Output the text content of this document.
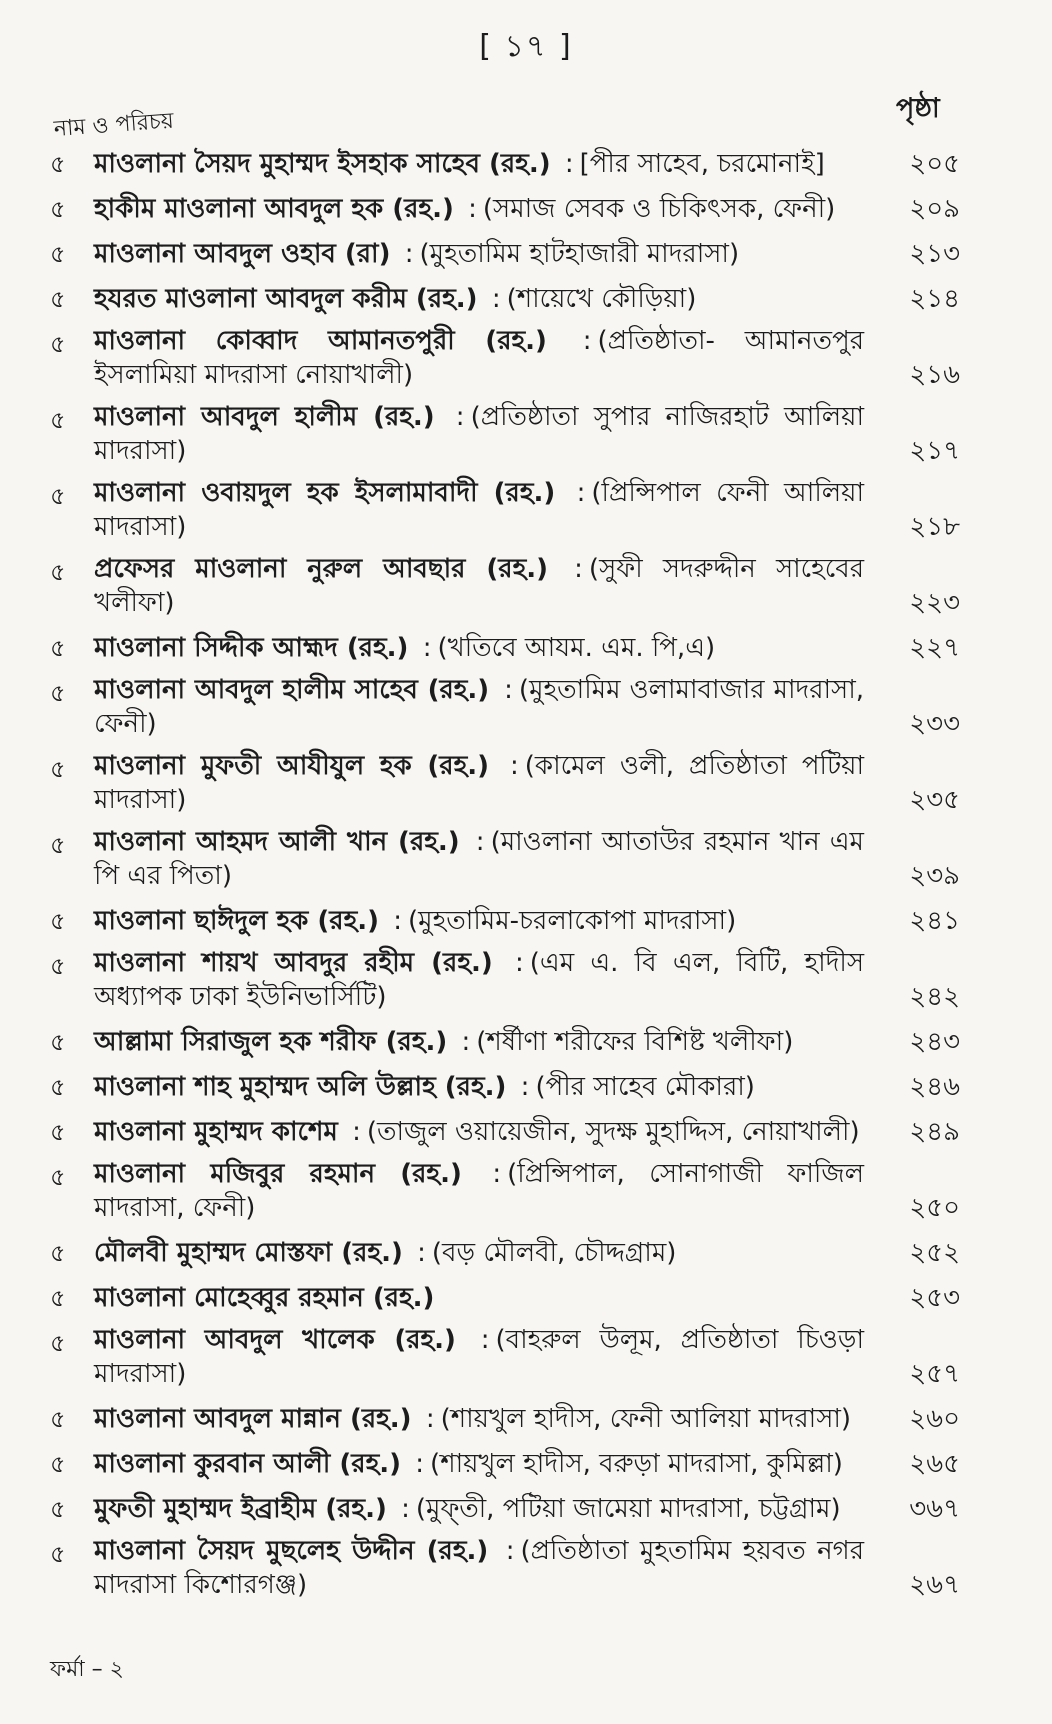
[ ১৭ ]
নাম ও পরিচয়
পৃষ্ঠা
৫	মাওলানা সৈয়দ মুহাম্মদ ইসহাক সাহেব (রহ.) : [পীর সাহেব, চরমোনাই]	২০৫
৫	হাকীম মাওলানা আবদুল হক (রহ.) : (সমাজ সেবক ও চিকিৎসক, ফেনী)	২০৯
৫	মাওলানা আবদুল ওহাব (রা) : (মুহতামিম হাটহাজারী মাদরাসা)	২১৩
৫	হযরত মাওলানা আবদুল করীম (রহ.) : (শায়েখে কৌড়িয়া)	২১৪
৫	মাওলানা কোব্বাদ আমানতপুরী (রহ.) : (প্রতিষ্ঠাতা- আমানতপুর ইসলামিয়া মাদরাসা নোয়াখালী)	২১৬
৫	মাওলানা আবদুল হালীম (রহ.) : (প্রতিষ্ঠাতা সুপার নাজিরহাট আলিয়া মাদরাসা)	২১৭
৫	মাওলানা ওবায়দুল হক ইসলামাবাদী (রহ.) : (প্রিন্সিপাল ফেনী আলিয়া মাদরাসা)	২১৮
৫	প্রফেসর মাওলানা নুরুল আবছার (রহ.) : (সুফী সদরুদ্দীন সাহেবের খলীফা)	২২৩
৫	মাওলানা সিদ্দীক আহ্মদ (রহ.) : (খতিবে আযম. এম. পি,এ)	২২৭
৫	মাওলানা আবদুল হালীম সাহেব (রহ.) : (মুহতামিম ওলামাবাজার মাদরাসা, ফেনী)	২৩৩
৫	মাওলানা মুফতী আযীযুল হক (রহ.) : (কামেল ওলী, প্রতিষ্ঠাতা পটিয়া মাদরাসা)	২৩৫
৫	মাওলানা আহমদ আলী খান (রহ.) : (মাওলানা আতাউর রহমান খান এম পি এর পিতা)	২৩৯
৫	মাওলানা ছাঈদুল হক (রহ.) : (মুহতামিম-চরলাকোপা মাদরাসা)	২৪১
৫	মাওলানা শায়খ আবদুর রহীম (রহ.) : (এম এ. বি এল, বিটি, হাদীস অধ্যাপক ঢাকা ইউনিভার্সিটি)	২৪২
৫	আল্লামা সিরাজুল হক শরীফ (রহ.) : (শর্ষীণা শরীফের বিশিষ্ট খলীফা)	২৪৩
৫	মাওলানা শাহ মুহাম্মদ অলি উল্লাহ (রহ.) : (পীর সাহেব মৌকারা)	২৪৬
৫	মাওলানা মুহাম্মদ কাশেম : (তাজুল ওয়ায়েজীন, সুদক্ষ মুহাদ্দিস, নোয়াখালী)	২৪৯
৫	মাওলানা মজিবুর রহমান (রহ.) : (প্রিন্সিপাল, সোনাগাজী ফাজিল মাদরাসা, ফেনী)	২৫০
৫	মৌলবী মুহাম্মদ মোস্তফা (রহ.) : (বড় মৌলবী, চৌদ্দগ্রাম)	২৫২
৫	মাওলানা মোহেব্বুর রহমান (রহ.)	২৫৩
৫	মাওলানা আবদুল খালেক (রহ.) : (বাহরুল উলূম, প্রতিষ্ঠাতা চিওড়া মাদরাসা)	২৫৭
৫	মাওলানা আবদুল মান্নান (রহ.) : (শায়খুল হাদীস, ফেনী আলিয়া মাদরাসা)	২৬০
৫	মাওলানা কুরবান আলী (রহ.) : (শায়খুল হাদীস, বরুড়া মাদরাসা, কুমিল্লা)	২৬৫
৫	মুফতী মুহাম্মদ ইব্রাহীম (রহ.) : (মুফ্তী, পটিয়া জামেয়া মাদরাসা, চট্টগ্রাম)	৩৬৭
৫	মাওলানা সৈয়দ মুছলেহ উদ্দীন (রহ.) : (প্রতিষ্ঠাতা মুহতামিম হয়বত নগর মাদরাসা কিশোরগঞ্জ)	২৬৭
ফর্মা – ২
